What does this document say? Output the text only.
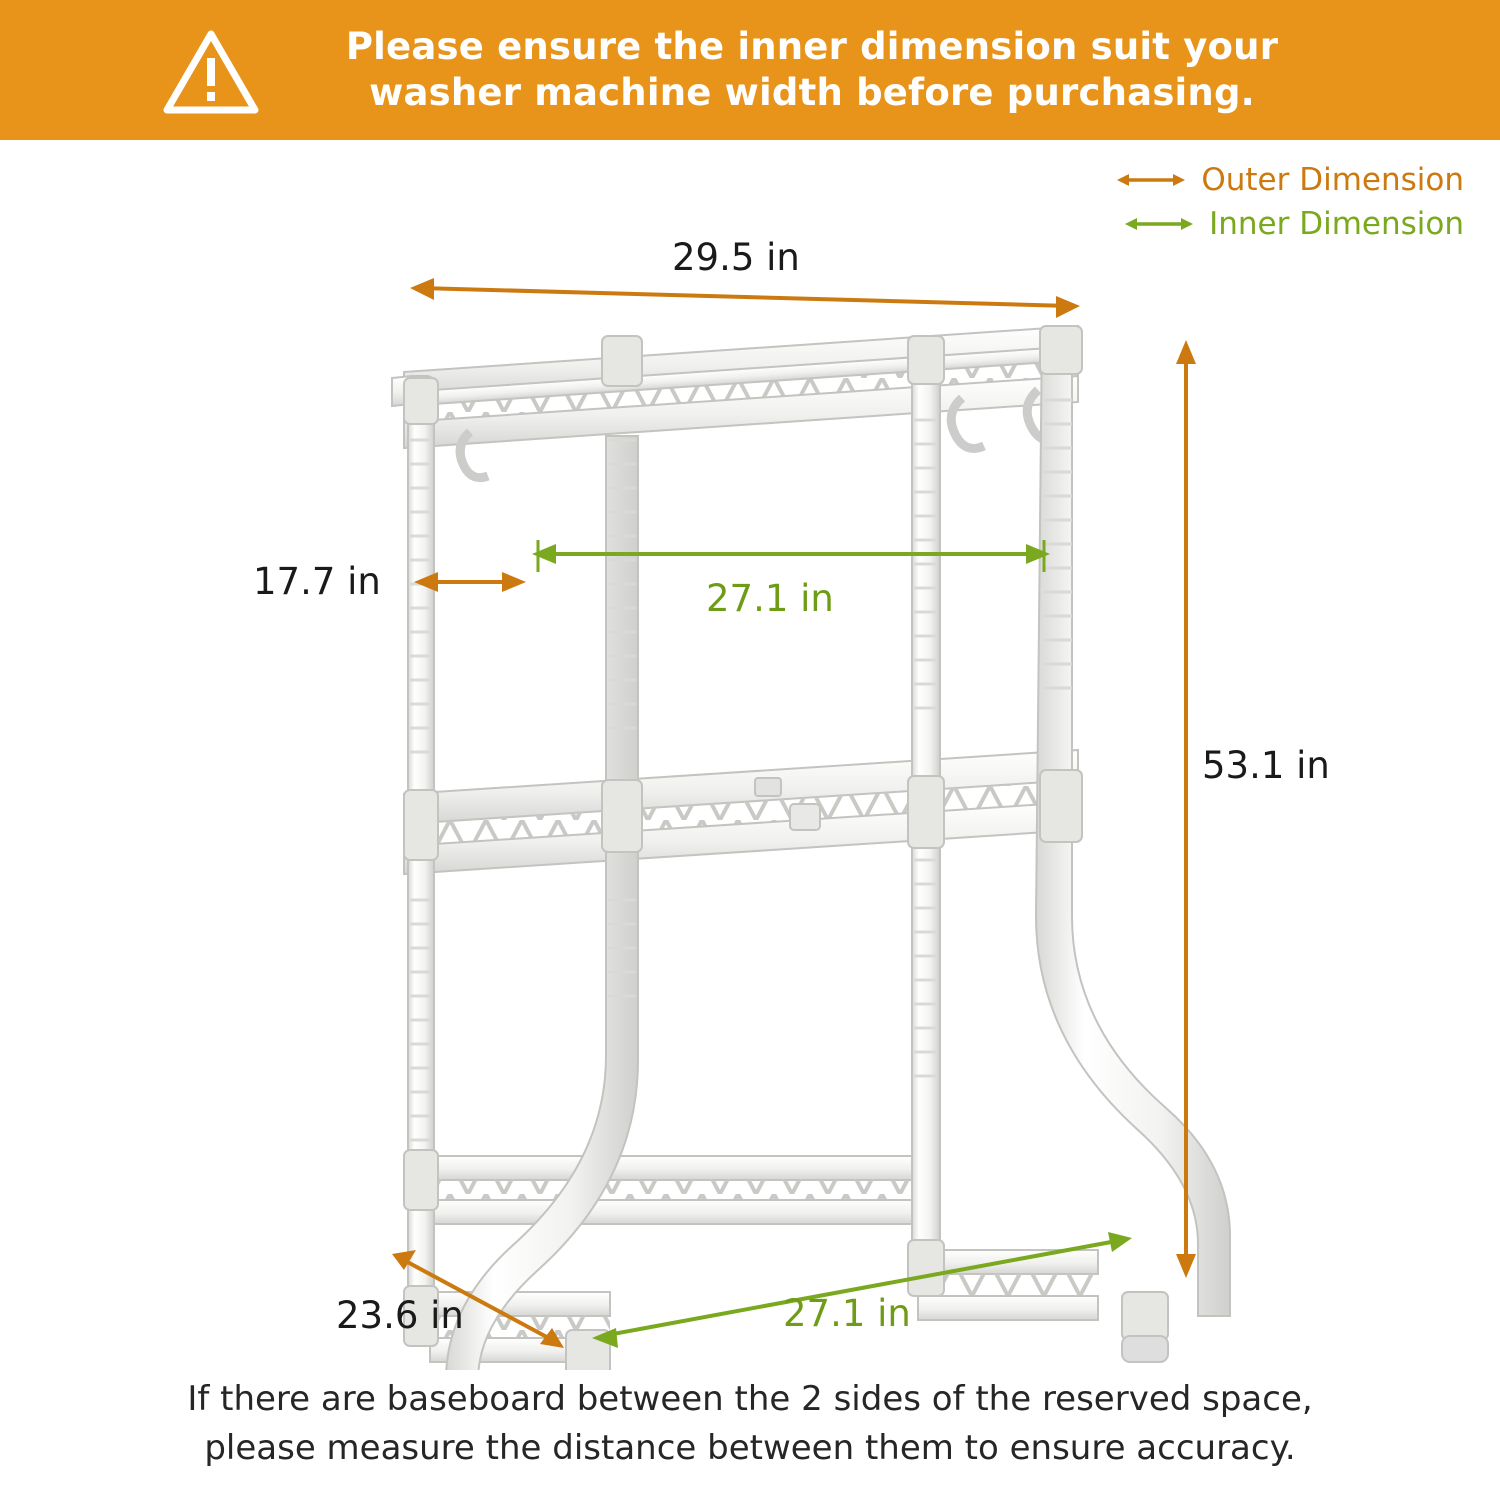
Please ensure the inner dimension suit your washer machine width before purchasing.
Outer Dimension
Inner Dimension
29.5 in
17.7 in	27.1 in
53.1 in
23.6 in	27.1 in
If there are baseboard between the 2 sides of the reserved space,
please measure the distance between them to ensure accuracy.
